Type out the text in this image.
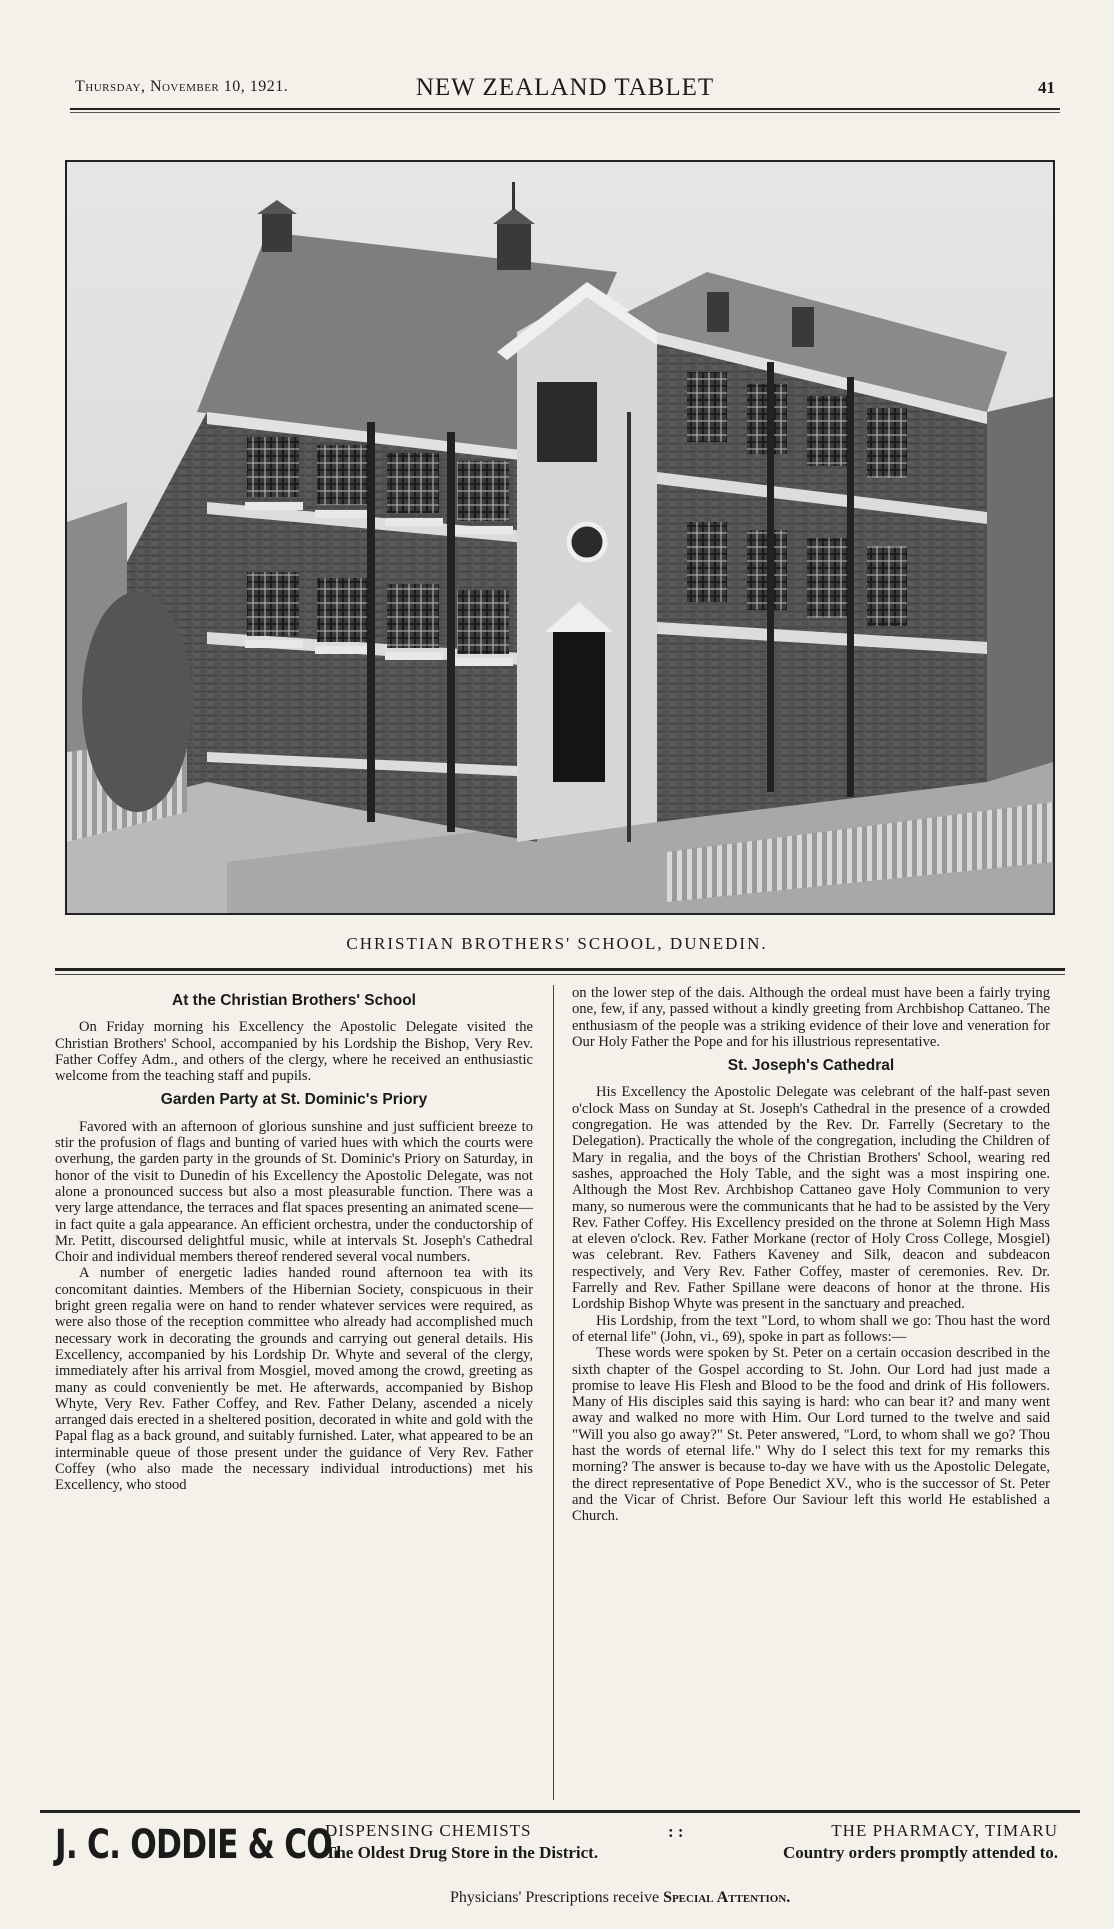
Thursday, November 10, 1921.	NEW ZEALAND TABLET	41
CHRISTIAN BROTHERS' SCHOOL, DUNEDIN.
At the Christian Brothers' School

On Friday morning his Excellency the Apostolic Delegate visited the Christian Brothers' School, accompanied by his Lordship the Bishop, Very Rev. Father Coffey Adm., and others of the clergy, where he received an enthusiastic welcome from the teaching staff and pupils.

Garden Party at St. Dominic's Priory

Favored with an afternoon of glorious sunshine and just sufficient breeze to stir the profusion of flags and bunting of varied hues with which the courts were overhung, the garden party in the grounds of St. Dominic's Priory on Saturday, in honor of the visit to Dunedin of his Excellency the Apostolic Delegate, was not alone a pronounced success but also a most pleasurable function. There was a very large attendance, the terraces and flat spaces presenting an animated scene—in fact quite a gala appearance. An efficient orchestra, under the conductorship of Mr. Petitt, discoursed delightful music, while at intervals St. Joseph's Cathedral Choir and individual members thereof rendered several vocal numbers.

A number of energetic ladies handed round afternoon tea with its concomitant dainties. Members of the Hibernian Society, conspicuous in their bright green regalia were on hand to render whatever services were required, as were also those of the reception committee who already had accomplished much necessary work in decorating the grounds and carrying out general details. His Excellency, accompanied by his Lordship Dr. Whyte and several of the clergy, immediately after his arrival from Mosgiel, moved among the crowd, greeting as many as could conveniently be met. He afterwards, accompanied by Bishop Whyte, Very Rev. Father Coffey, and Rev. Father Delany, ascended a nicely arranged dais erected in a sheltered position, decorated in white and gold with the Papal flag as a back ground, and suitably furnished. Later, what appeared to be an interminable queue of those present under the guidance of Very Rev. Father Coffey (who also made the necessary individual introductions) met his Excellency, who stood

on the lower step of the dais. Although the ordeal must have been a fairly trying one, few, if any, passed without a kindly greeting from Archbishop Cattaneo. The enthusiasm of the people was a striking evidence of their love and veneration for Our Holy Father the Pope and for his illustrious representative.

St. Joseph's Cathedral

His Excellency the Apostolic Delegate was celebrant of the half-past seven o'clock Mass on Sunday at St. Joseph's Cathedral in the presence of a crowded congregation. He was attended by the Rev. Dr. Farrelly (Secretary to the Delegation). Practically the whole of the congregation, including the Children of Mary in regalia, and the boys of the Christian Brothers' School, wearing red sashes, approached the Holy Table, and the sight was a most inspiring one. Although the Most Rev. Archbishop Cattaneo gave Holy Communion to very many, so numerous were the communicants that he had to be assisted by the Very Rev. Father Coffey. His Excellency presided on the throne at Solemn High Mass at eleven o'clock. Rev. Father Morkane (rector of Holy Cross College, Mosgiel) was celebrant. Rev. Fathers Kaveney and Silk, deacon and subdeacon respectively, and Very Rev. Father Coffey, master of ceremonies. Rev. Dr. Farrelly and Rev. Father Spillane were deacons of honor at the throne. His Lordship Bishop Whyte was present in the sanctuary and preached.

His Lordship, from the text "Lord, to whom shall we go: Thou hast the word of eternal life" (John, vi., 69), spoke in part as follows:—

These words were spoken by St. Peter on a certain occasion described in the sixth chapter of the Gospel according to St. John. Our Lord had just made a promise to leave His Flesh and Blood to be the food and drink of His followers. Many of His disciples said this saying is hard: who can bear it? and many went away and walked no more with Him. Our Lord turned to the twelve and said "Will you also go away?" St. Peter answered, "Lord, to whom shall we go? Thou hast the words of eternal life." Why do I select this text for my remarks this morning? The answer is because to-day we have with us the Apostolic Delegate, the direct representative of Pope Benedict XV., who is the successor of St. Peter and the Vicar of Christ. Before Our Saviour left this world He established a Church.

J. C. ODDIE & CO.
DISPENSING CHEMISTS
The Oldest Drug Store in the District.
: :	THE PHARMACY, TIMARU
Country orders promptly attended to.
Physicians' Prescriptions receive Special Attention.
